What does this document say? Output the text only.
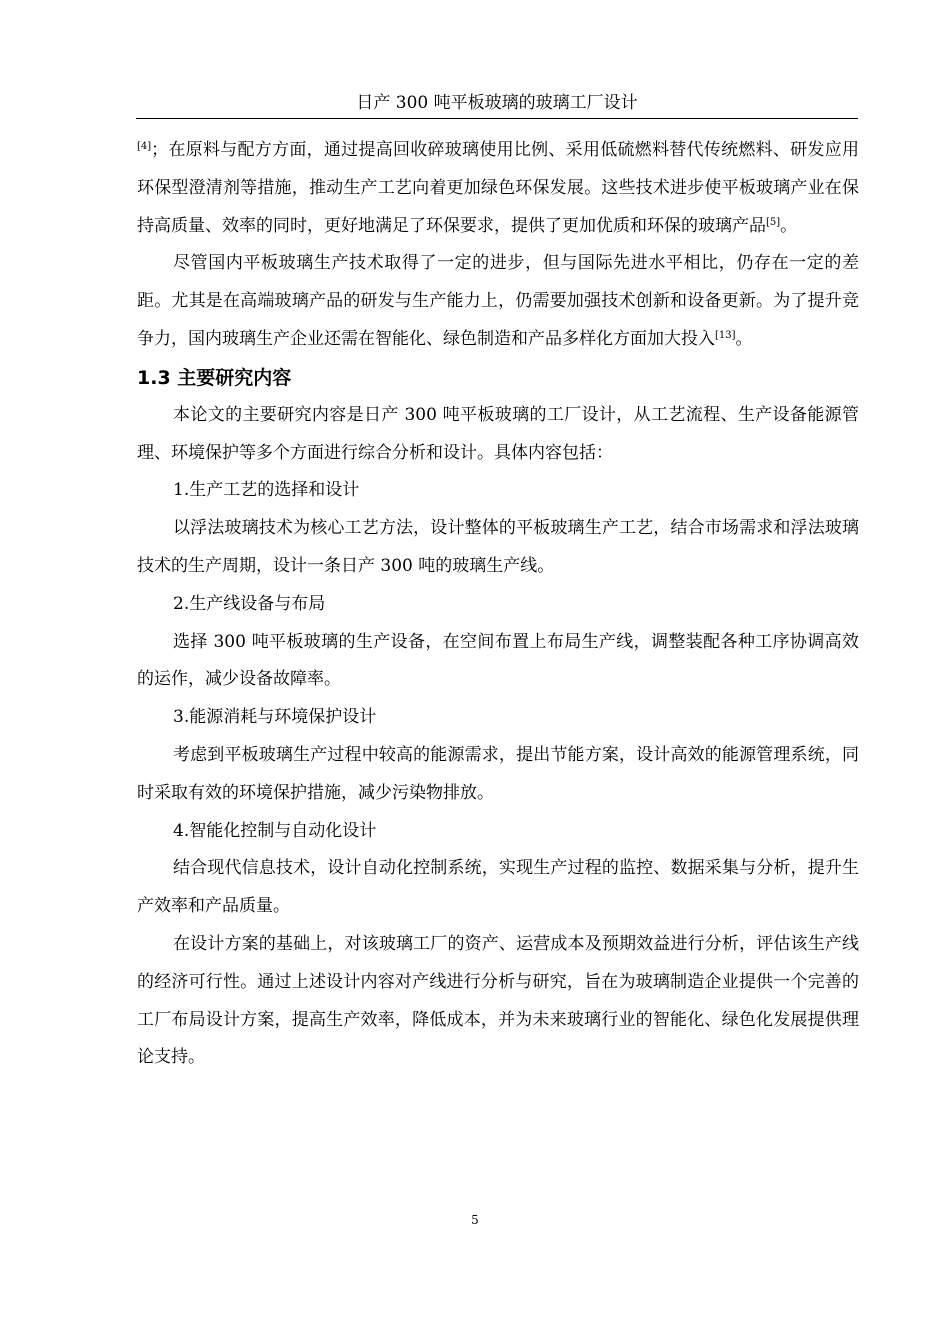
日产 300 吨平板玻璃的玻璃工厂设计

[4]；在原料与配方方面，通过提高回收碎玻璃使用比例、采用低硫燃料替代传统燃料、研发应用环保型澄清剂等措施，推动生产工艺向着更加绿色环保发展。这些技术进步使平板玻璃产业在保持高质量、效率的同时，更好地满足了环保要求，提供了更加优质和环保的玻璃产品[5]。

尽管国内平板玻璃生产技术取得了一定的进步，但与国际先进水平相比，仍存在一定的差距。尤其是在高端玻璃产品的研发与生产能力上，仍需要加强技术创新和设备更新。为了提升竞争力，国内玻璃生产企业还需在智能化、绿色制造和产品多样化方面加大投入[13]。

1.3 主要研究内容

本论文的主要研究内容是日产 300 吨平板玻璃的工厂设计，从工艺流程、生产设备能源管理、环境保护等多个方面进行综合分析和设计。具体内容包括：

1.生产工艺的选择和设计

以浮法玻璃技术为核心工艺方法，设计整体的平板玻璃生产工艺，结合市场需求和浮法玻璃技术的生产周期，设计一条日产 300 吨的玻璃生产线。

2.生产线设备与布局

选择 300 吨平板玻璃的生产设备，在空间布置上布局生产线，调整装配各种工序协调高效的运作，减少设备故障率。

3.能源消耗与环境保护设计

考虑到平板玻璃生产过程中较高的能源需求，提出节能方案，设计高效的能源管理系统，同时采取有效的环境保护措施，减少污染物排放。

4.智能化控制与自动化设计

结合现代信息技术，设计自动化控制系统，实现生产过程的监控、数据采集与分析，提升生产效率和产品质量。

在设计方案的基础上，对该玻璃工厂的资产、运营成本及预期效益进行分析，评估该生产线的经济可行性。通过上述设计内容对产线进行分析与研究，旨在为玻璃制造企业提供一个完善的工厂布局设计方案，提高生产效率，降低成本，并为未来玻璃行业的智能化、绿色化发展提供理论支持。

5
